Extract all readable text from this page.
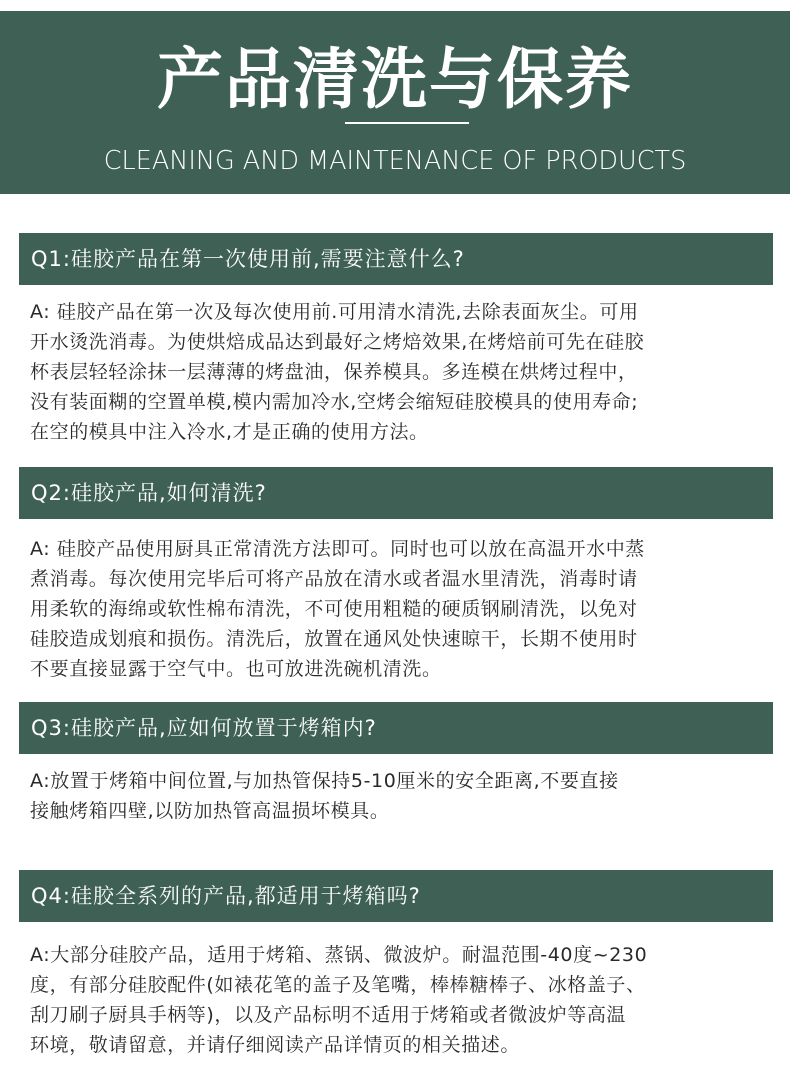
产品清洗与保养
CLEANING AND MAINTENANCE OF PRODUCTS
Q1:硅胶产品在第一次使用前,需要注意什么?
A: 硅胶产品在第一次及每次使用前.可用清水清洗,去除表面灰尘。可用
开水烫洗消毒。为使烘焙成品达到最好之烤焙效果,在烤焙前可先在硅胶
杯表层轻轻涂抹一层薄薄的烤盘油，保养模具。多连模在烘烤过程中，
没有装面糊的空置单模,模内需加冷水,空烤会缩短硅胶模具的使用寿命;
在空的模具中注入冷水,才是正确的使用方法。
Q2:硅胶产品,如何清洗?
A: 硅胶产品使用厨具正常清洗方法即可。同时也可以放在高温开水中蒸
煮消毒。每次使用完毕后可将产品放在清水或者温水里清洗，消毒时请
用柔软的海绵或软性棉布清洗，不可使用粗糙的硬质钢刷清洗，以免对
硅胶造成划痕和损伤。清洗后，放置在通风处快速晾干，长期不使用时
不要直接显露于空气中。也可放进洗碗机清洗。
Q3:硅胶产品,应如何放置于烤箱内?
A:放置于烤箱中间位置,与加热管保持5-10厘米的安全距离,不要直接
接触烤箱四壁,以防加热管高温损坏模具。
Q4:硅胶全系列的产品,都适用于烤箱吗?
A:大部分硅胶产品，适用于烤箱、蒸锅、微波炉。耐温范围-40度~230
度，有部分硅胶配件(如裱花笔的盖子及笔嘴，棒棒糖棒子、冰格盖子、
刮刀刷子厨具手柄等)，以及产品标明不适用于烤箱或者微波炉等高温
环境，敬请留意，并请仔细阅读产品详情页的相关描述。
